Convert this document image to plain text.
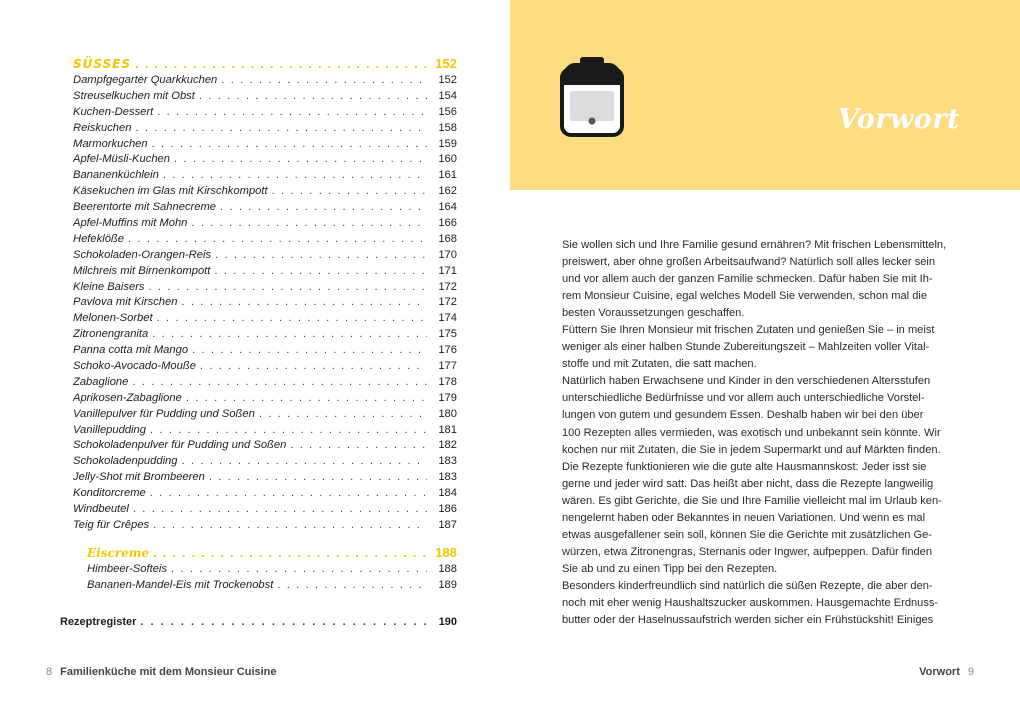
SÜSSES . . .	152
Dampfgegarter Quarkkuchen . . .	152
Streuselkuchen mit Obst . . .	154
Kuchen-Dessert . . .	156
Reiskuchen . . .	158
Marmorkuchen . . .	159
Apfel-Müsli-Kuchen . . .	160
Bananenküchlein . . .	161
Käsekuchen im Glas mit Kirschkompott . . .	162
Beerentorte mit Sahnecreme . . .	164
Apfel-Muffins mit Mohn . . .	166
Hefeklöße . . .	168
Schokoladen-Orangen-Reis . . .	170
Milchreis mit Birnenkompott . . .	171
Kleine Baisers . . .	172
Pavlova mit Kirschen . . .	172
Melonen-Sorbet . . .	174
Zitronengranita . . .	175
Panna cotta mit Mango . . .	176
Schoko-Avocado-Mouße . . .	177
Zabaglione . . .	178
Aprikosen-Zabaglione . . .	179
Vanillepulver für Pudding und Soßen . . .	180
Vanillepudding . . .	181
Schokoladenpulver für Pudding und Soßen . . .	182
Schokoladenpudding . . .	183
Jelly-Shot mit Brombeeren . . .	183
Konditorcreme . . .	184
Windbeutel . . .	186
Teig für Crêpes . . .	187
Eiscreme . . .	188
Himbeer-Softeis . . .	188
Bananen-Mandel-Eis mit Trockenobst . . .	189
Rezeptregister . . .	190
8 Familienküche mit dem Monsieur Cuisine
Vorwort

Sie wollen sich und Ihre Familie gesund ernähren? Mit frischen Lebensmitteln,

preiswert, aber ohne großen Arbeitsaufwand? Natürlich soll alles lecker sein

und vor allem auch der ganzen Familie schmecken. Dafür haben Sie mit Ih-

rem Monsieur Cuisine, egal welches Modell Sie verwenden, schon mal die

besten Voraussetzungen geschaffen.

Füttern Sie Ihren Monsieur mit frischen Zutaten und genießen Sie – in meist

weniger als einer halben Stunde Zubereitungszeit – Mahlzeiten voller Vital-

stoffe und mit Zutaten, die satt machen.

Natürlich haben Erwachsene und Kinder in den verschiedenen Altersstufen

unterschiedliche Bedürfnisse und vor allem auch unterschiedliche Vorstel-

lungen von gutem und gesundem Essen. Deshalb haben wir bei den über

100 Rezepten alles vermieden, was exotisch und unbekannt sein könnte. Wir

kochen nur mit Zutaten, die Sie in jedem Supermarkt und auf Märkten finden.

Die Rezepte funktionieren wie die gute alte Hausmannskost: Jeder isst sie

gerne und jeder wird satt. Das heißt aber nicht, dass die Rezepte langweilig

wären. Es gibt Gerichte, die Sie und Ihre Familie vielleicht mal im Urlaub ken-

nengelernt haben oder Bekanntes in neuen Variationen. Und wenn es mal

etwas ausgefallener sein soll, können Sie die Gerichte mit zusätzlichen Ge-

würzen, etwa Zitronengras, Sternanis oder Ingwer, aufpeppen. Dafür finden

Sie ab und zu einen Tipp bei den Rezepten.

Besonders kinderfreundlich sind natürlich die süßen Rezepte, die aber den-

noch mit eher wenig Haushaltszucker auskommen. Hausgemachte Erdnuss-

butter oder der Haselnussaufstrich werden sicher ein Frühstückshit! Einiges

Vorwort 9
